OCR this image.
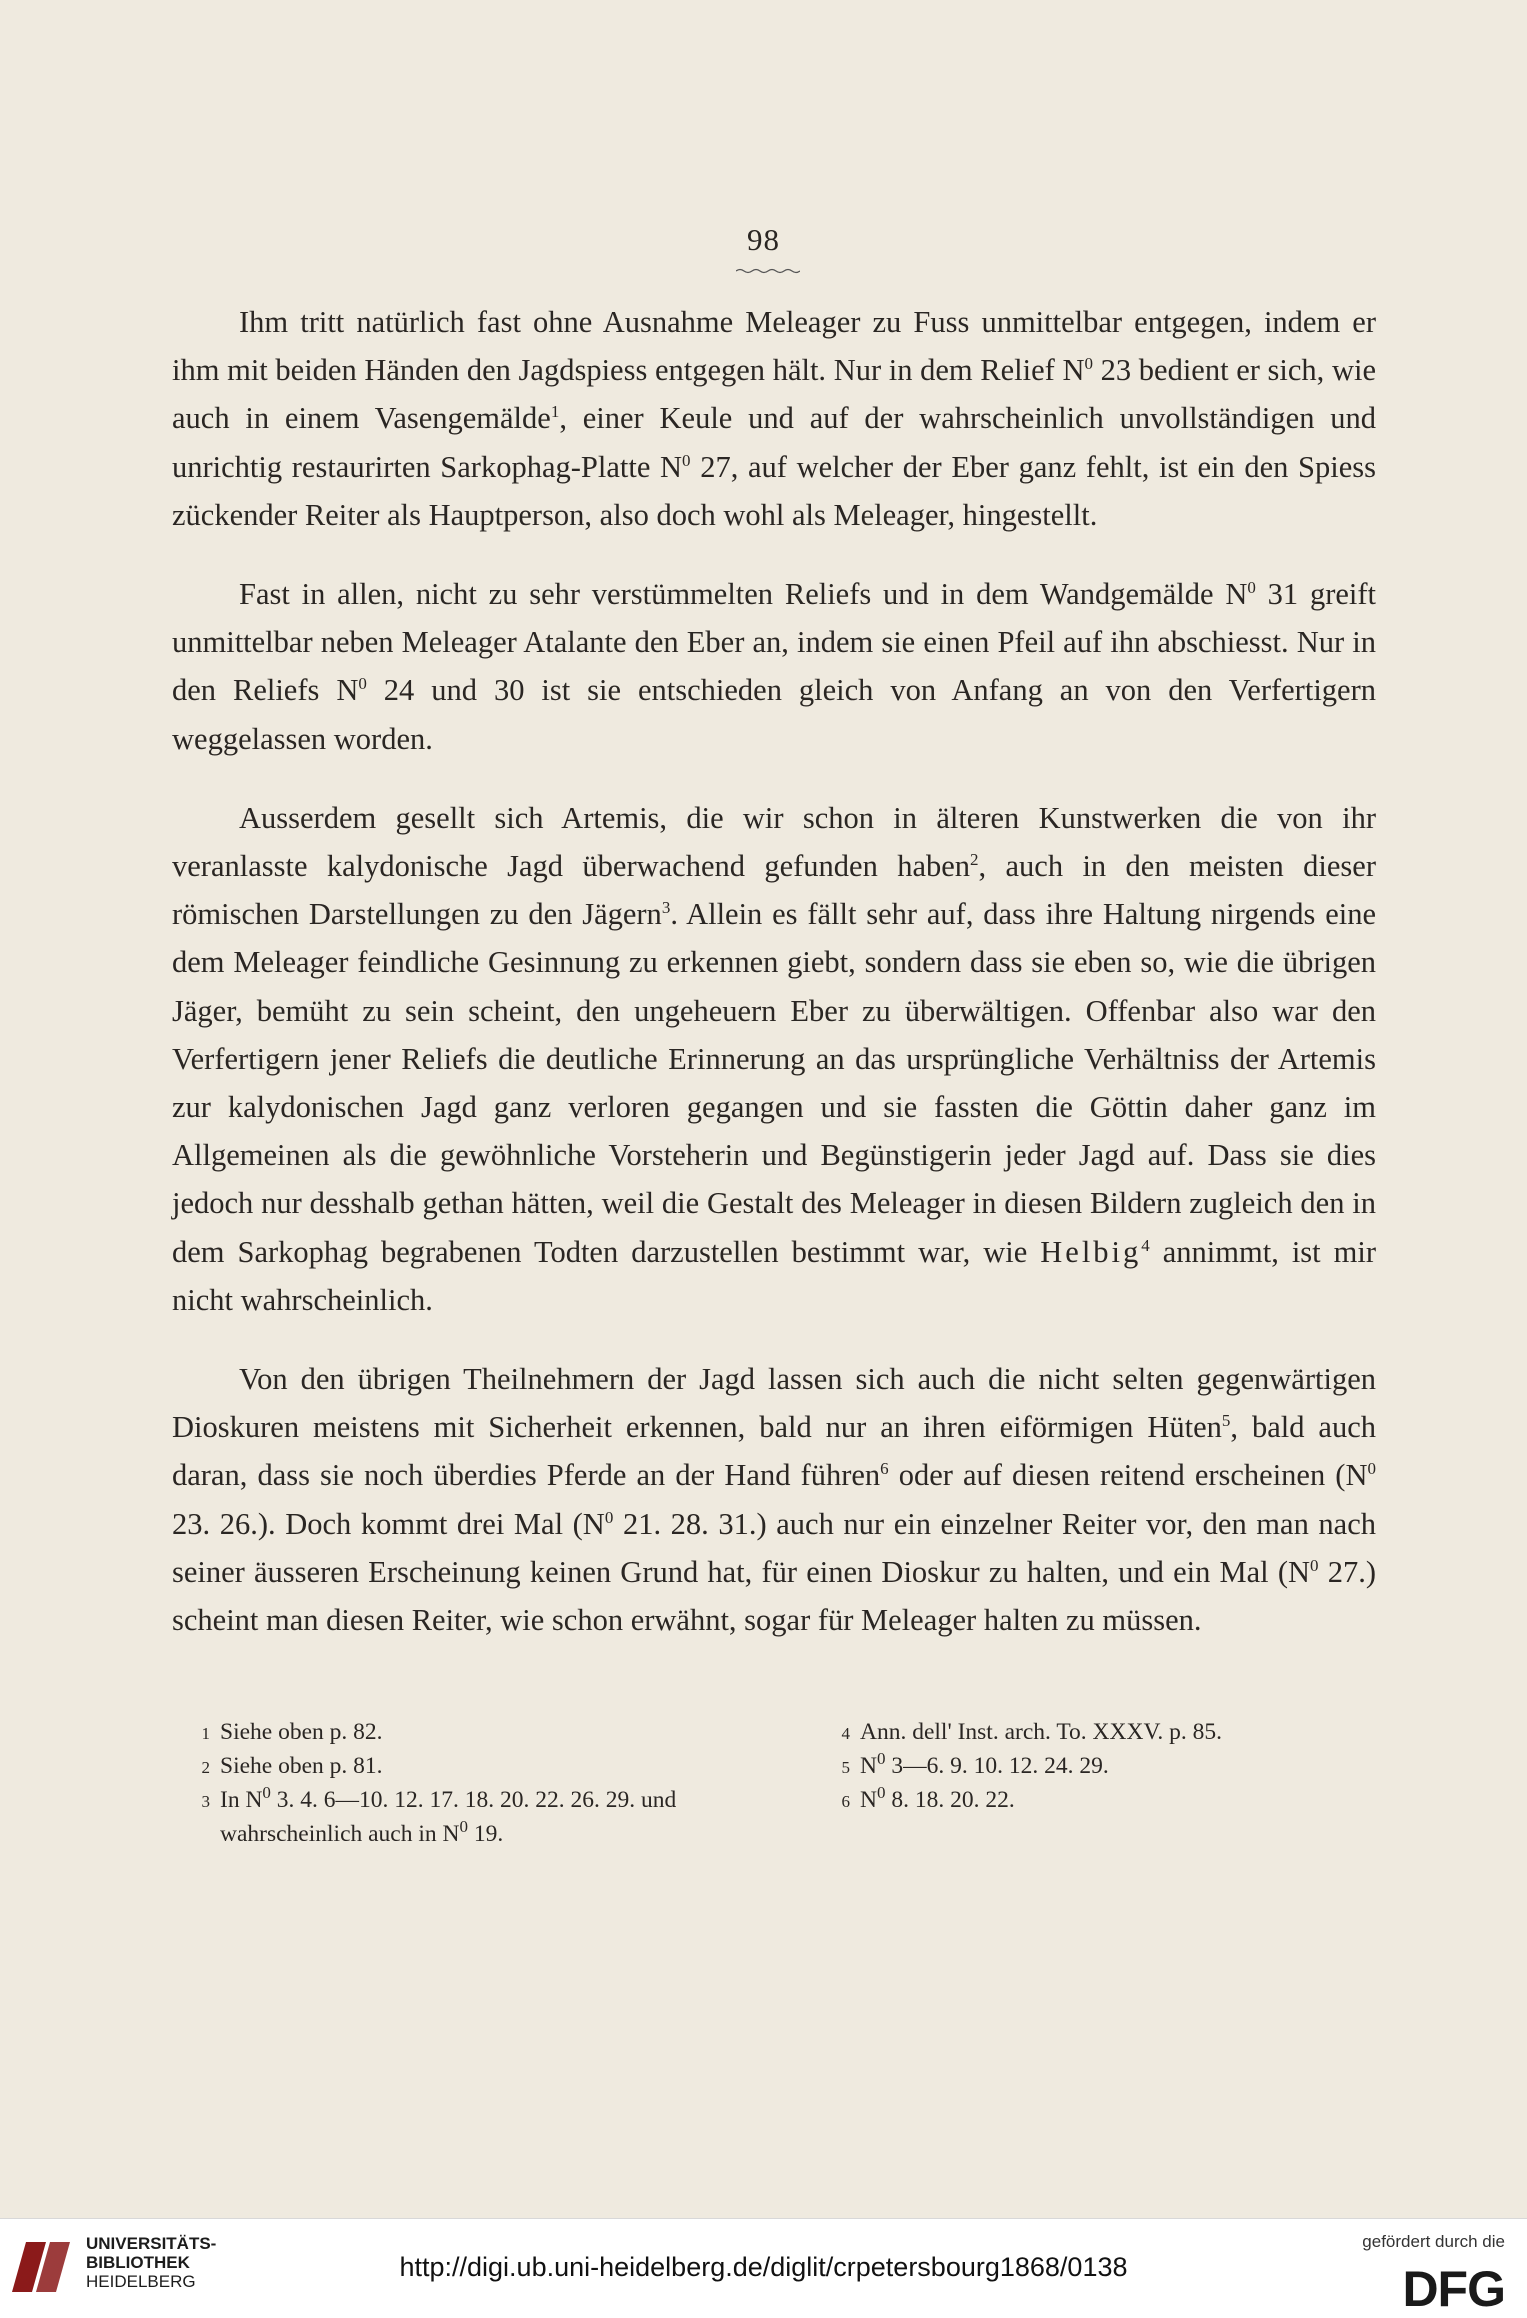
98

Ihm tritt natürlich fast ohne Ausnahme Meleager zu Fuss unmittelbar entgegen, indem er ihm mit beiden Händen den Jagdspiess entgegen hält. Nur in dem Relief N$^0$ 23 bedient er sich, wie auch in einem Vasengemälde$^1$, einer Keule und auf der wahrscheinlich unvollständigen und unrichtig restaurirten Sarkophag-Platte N$^0$ 27, auf welcher der Eber ganz fehlt, ist ein den Spiess zückender Reiter als Hauptperson, also doch wohl als Meleager, hingestellt.

Fast in allen, nicht zu sehr verstümmelten Reliefs und in dem Wandgemälde N$^0$ 31 greift unmittelbar neben Meleager Atalante den Eber an, indem sie einen Pfeil auf ihn abschiesst. Nur in den Reliefs N$^0$ 24 und 30 ist sie entschieden gleich von Anfang an von den Verfertigern weggelassen worden.

Ausserdem gesellt sich Artemis, die wir schon in älteren Kunstwerken die von ihr veranlasste kalydonische Jagd überwachend gefunden haben$^2$, auch in den meisten dieser römischen Darstellungen zu den Jägern$^3$. Allein es fällt sehr auf, dass ihre Haltung nirgends eine dem Meleager feindliche Gesinnung zu erkennen giebt, sondern dass sie eben so, wie die übrigen Jäger, bemüht zu sein scheint, den ungeheuern Eber zu überwältigen. Offenbar also war den Verfertigern jener Reliefs die deutliche Erinnerung an das ursprüngliche Verhältniss der Artemis zur kalydonischen Jagd ganz verloren gegangen und sie fassten die Göttin daher ganz im Allgemeinen als die gewöhnliche Vorsteherin und Begünstigerin jeder Jagd auf. Dass sie dies jedoch nur desshalb gethan hätten, weil die Gestalt des Meleager in diesen Bildern zugleich den in dem Sarkophag begrabenen Todten darzustellen bestimmt war, wie Helbig$^4$ annimmt, ist mir nicht wahrscheinlich.

Von den übrigen Theilnehmern der Jagd lassen sich auch die nicht selten gegenwärtigen Dioskuren meistens mit Sicherheit erkennen, bald nur an ihren eiförmigen Hüten$^5$, bald auch daran, dass sie noch überdies Pferde an der Hand führen$^6$ oder auf diesen reitend erscheinen (N$^0$ 23. 26.). Doch kommt drei Mal (N$^0$ 21. 28. 31.) auch nur ein einzelner Reiter vor, den man nach seiner äusseren Erscheinung keinen Grund hat, für einen Dioskur zu halten, und ein Mal (N$^0$ 27.) scheint man diesen Reiter, wie schon erwähnt, sogar für Meleager halten zu müssen.

1 Siehe oben p. 82.

2 Siehe oben p. 81.

3 In N$^0$ 3. 4. 6—10. 12. 17. 18. 20. 22. 26. 29. und wahrscheinlich auch in N$^0$ 19.

4 Ann. dell' Inst. arch. To. XXXV. p. 85.

5 N$^0$ 3—6. 9. 10. 12. 24. 29.

6 N$^0$ 8. 18. 20. 22.

UNIVERSITÄTS-
BIBLIOTHEK
HEIDELBERG	http://digi.ub.uni-heidelberg.de/diglit/crpetersbourg1868/0138
gefördert durch die
DFG
